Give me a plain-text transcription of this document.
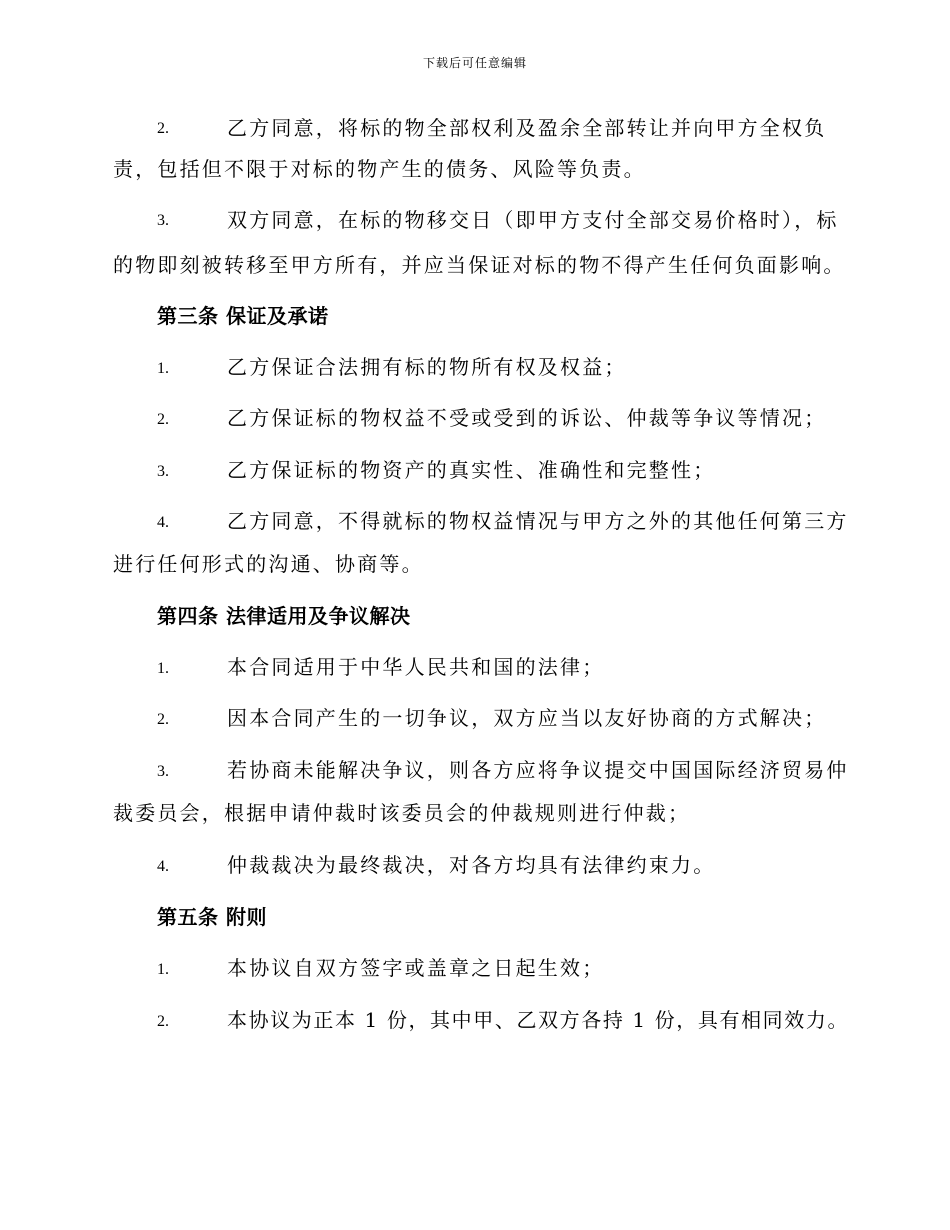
下载后可任意编辑
2.	乙方同意，将标的物全部权利及盈余全部转让并向甲方全权负
责，包括但不限于对标的物产生的债务、风险等负责。
3.	双方同意，在标的物移交日（即甲方支付全部交易价格时），标
的物即刻被转移至甲方所有，并应当保证对标的物不得产生任何负面影响。
第三条 保证及承诺
1.	乙方保证合法拥有标的物所有权及权益；
2.	乙方保证标的物权益不受或受到的诉讼、仲裁等争议等情况；
3.	乙方保证标的物资产的真实性、准确性和完整性；
4.	乙方同意，不得就标的物权益情况与甲方之外的其他任何第三方
进行任何形式的沟通、协商等。
第四条 法律适用及争议解决
1.	本合同适用于中华人民共和国的法律；
2.	因本合同产生的一切争议，双方应当以友好协商的方式解决；
3.	若协商未能解决争议，则各方应将争议提交中国国际经济贸易仲
裁委员会，根据申请仲裁时该委员会的仲裁规则进行仲裁；
4.	仲裁裁决为最终裁决，对各方均具有法律约束力。
第五条 附则
1.	本协议自双方签字或盖章之日起生效；
2.	本协议为正本 1 份，其中甲、乙双方各持 1 份，具有相同效力。
